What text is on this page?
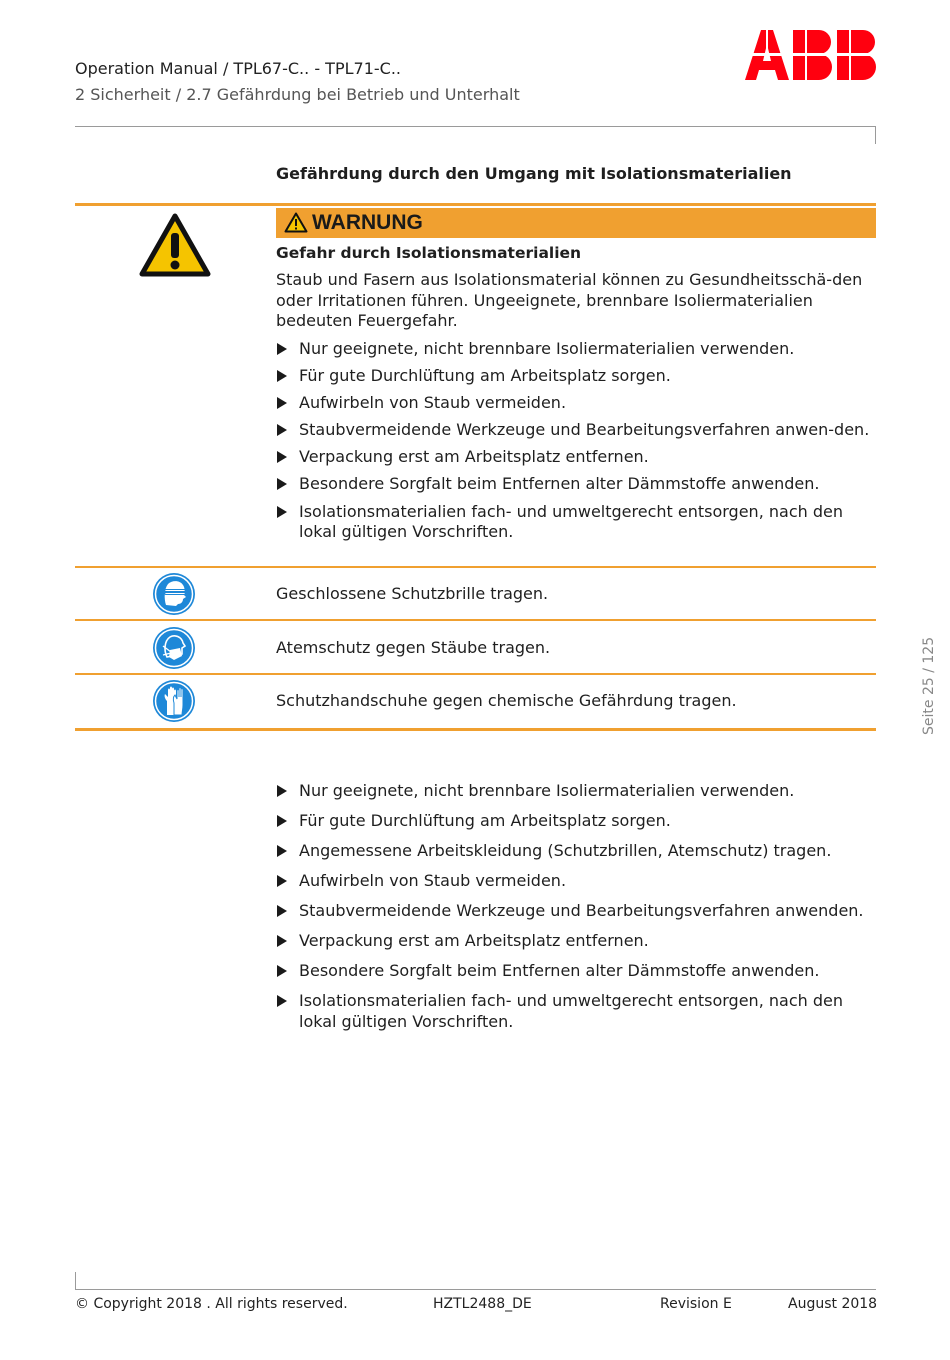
Operation Manual / TPL67-C.. - TPL71-C..
2 Sicherheit / 2.7 Gefährdung bei Betrieb und Unterhalt
Gefährdung durch den Umgang mit Isolationsmaterialien
WARNUNG
Gefahr durch Isolationsmaterialien
Staub und Fasern aus Isolationsmaterial können zu Gesundheitsschä-den oder Irritationen führen. Ungeeignete, brennbare Isoliermaterialien bedeuten Feuergefahr.
Nur geeignete, nicht brennbare Isoliermaterialien verwenden.
Für gute Durchlüftung am Arbeitsplatz sorgen.
Aufwirbeln von Staub vermeiden.
Staubvermeidende Werkzeuge und Bearbeitungsverfahren anwen-den.
Verpackung erst am Arbeitsplatz entfernen.
Besondere Sorgfalt beim Entfernen alter Dämmstoffe anwenden.
Isolationsmaterialien fach- und umweltgerecht entsorgen, nach den lokal gültigen Vorschriften.
Geschlossene Schutzbrille tragen.
Atemschutz gegen Stäube tragen.
Schutzhandschuhe gegen chemische Gefährdung tragen.
Nur geeignete, nicht brennbare Isoliermaterialien verwenden.
Für gute Durchlüftung am Arbeitsplatz sorgen.
Angemessene Arbeitskleidung (Schutzbrillen, Atemschutz) tragen.
Aufwirbeln von Staub vermeiden.
Staubvermeidende Werkzeuge und Bearbeitungsverfahren anwenden.
Verpackung erst am Arbeitsplatz entfernen.
Besondere Sorgfalt beim Entfernen alter Dämmstoffe anwenden.
Isolationsmaterialien fach- und umweltgerecht entsorgen, nach den lokal gültigen Vorschriften.
Seite 25 / 125
© Copyright 2018 . All rights reserved.	HZTL2488_DE	Revision E	August 2018
